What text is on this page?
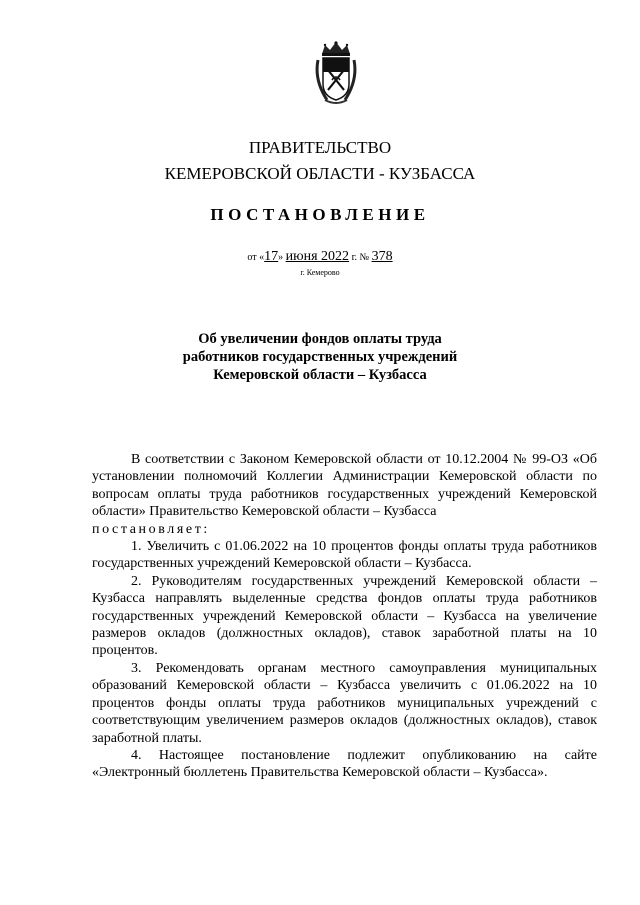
ПРАВИТЕЛЬСТВО
КЕМЕРОВСКОЙ ОБЛАСТИ - КУЗБАССА
ПОСТАНОВЛЕНИЕ
от «17» июня 2022 г. № 378
г. Кемерово
Об увеличении фондов оплаты труда
работников государственных учреждений
Кемеровской области – Кузбасса

В соответствии с Законом Кемеровской области от 10.12.2004 № 99-ОЗ «Об установлении полномочий Коллегии Администрации Кемеровской области по вопросам оплаты труда работников государственных учреждений Кемеровской области» Правительство Кемеровской области – Кузбасса

постановляет:

1. Увеличить с 01.06.2022 на 10 процентов фонды оплаты труда работников государственных учреждений Кемеровской области – Кузбасса.

2. Руководителям государственных учреждений Кемеровской области – Кузбасса направлять выделенные средства фондов оплаты труда работников государственных учреждений Кемеровской области – Кузбасса на увеличение размеров окладов (должностных окладов), ставок заработной платы на 10 процентов.

3. Рекомендовать органам местного самоуправления муниципальных образований Кемеровской области – Кузбасса увеличить с 01.06.2022 на 10 процентов фонды оплаты труда работников муниципальных учреждений с соответствующим увеличением размеров окладов (должностных окладов), ставок заработной платы.

4. Настоящее постановление подлежит опубликованию на сайте «Электронный бюллетень Правительства Кемеровской области – Кузбасса».
